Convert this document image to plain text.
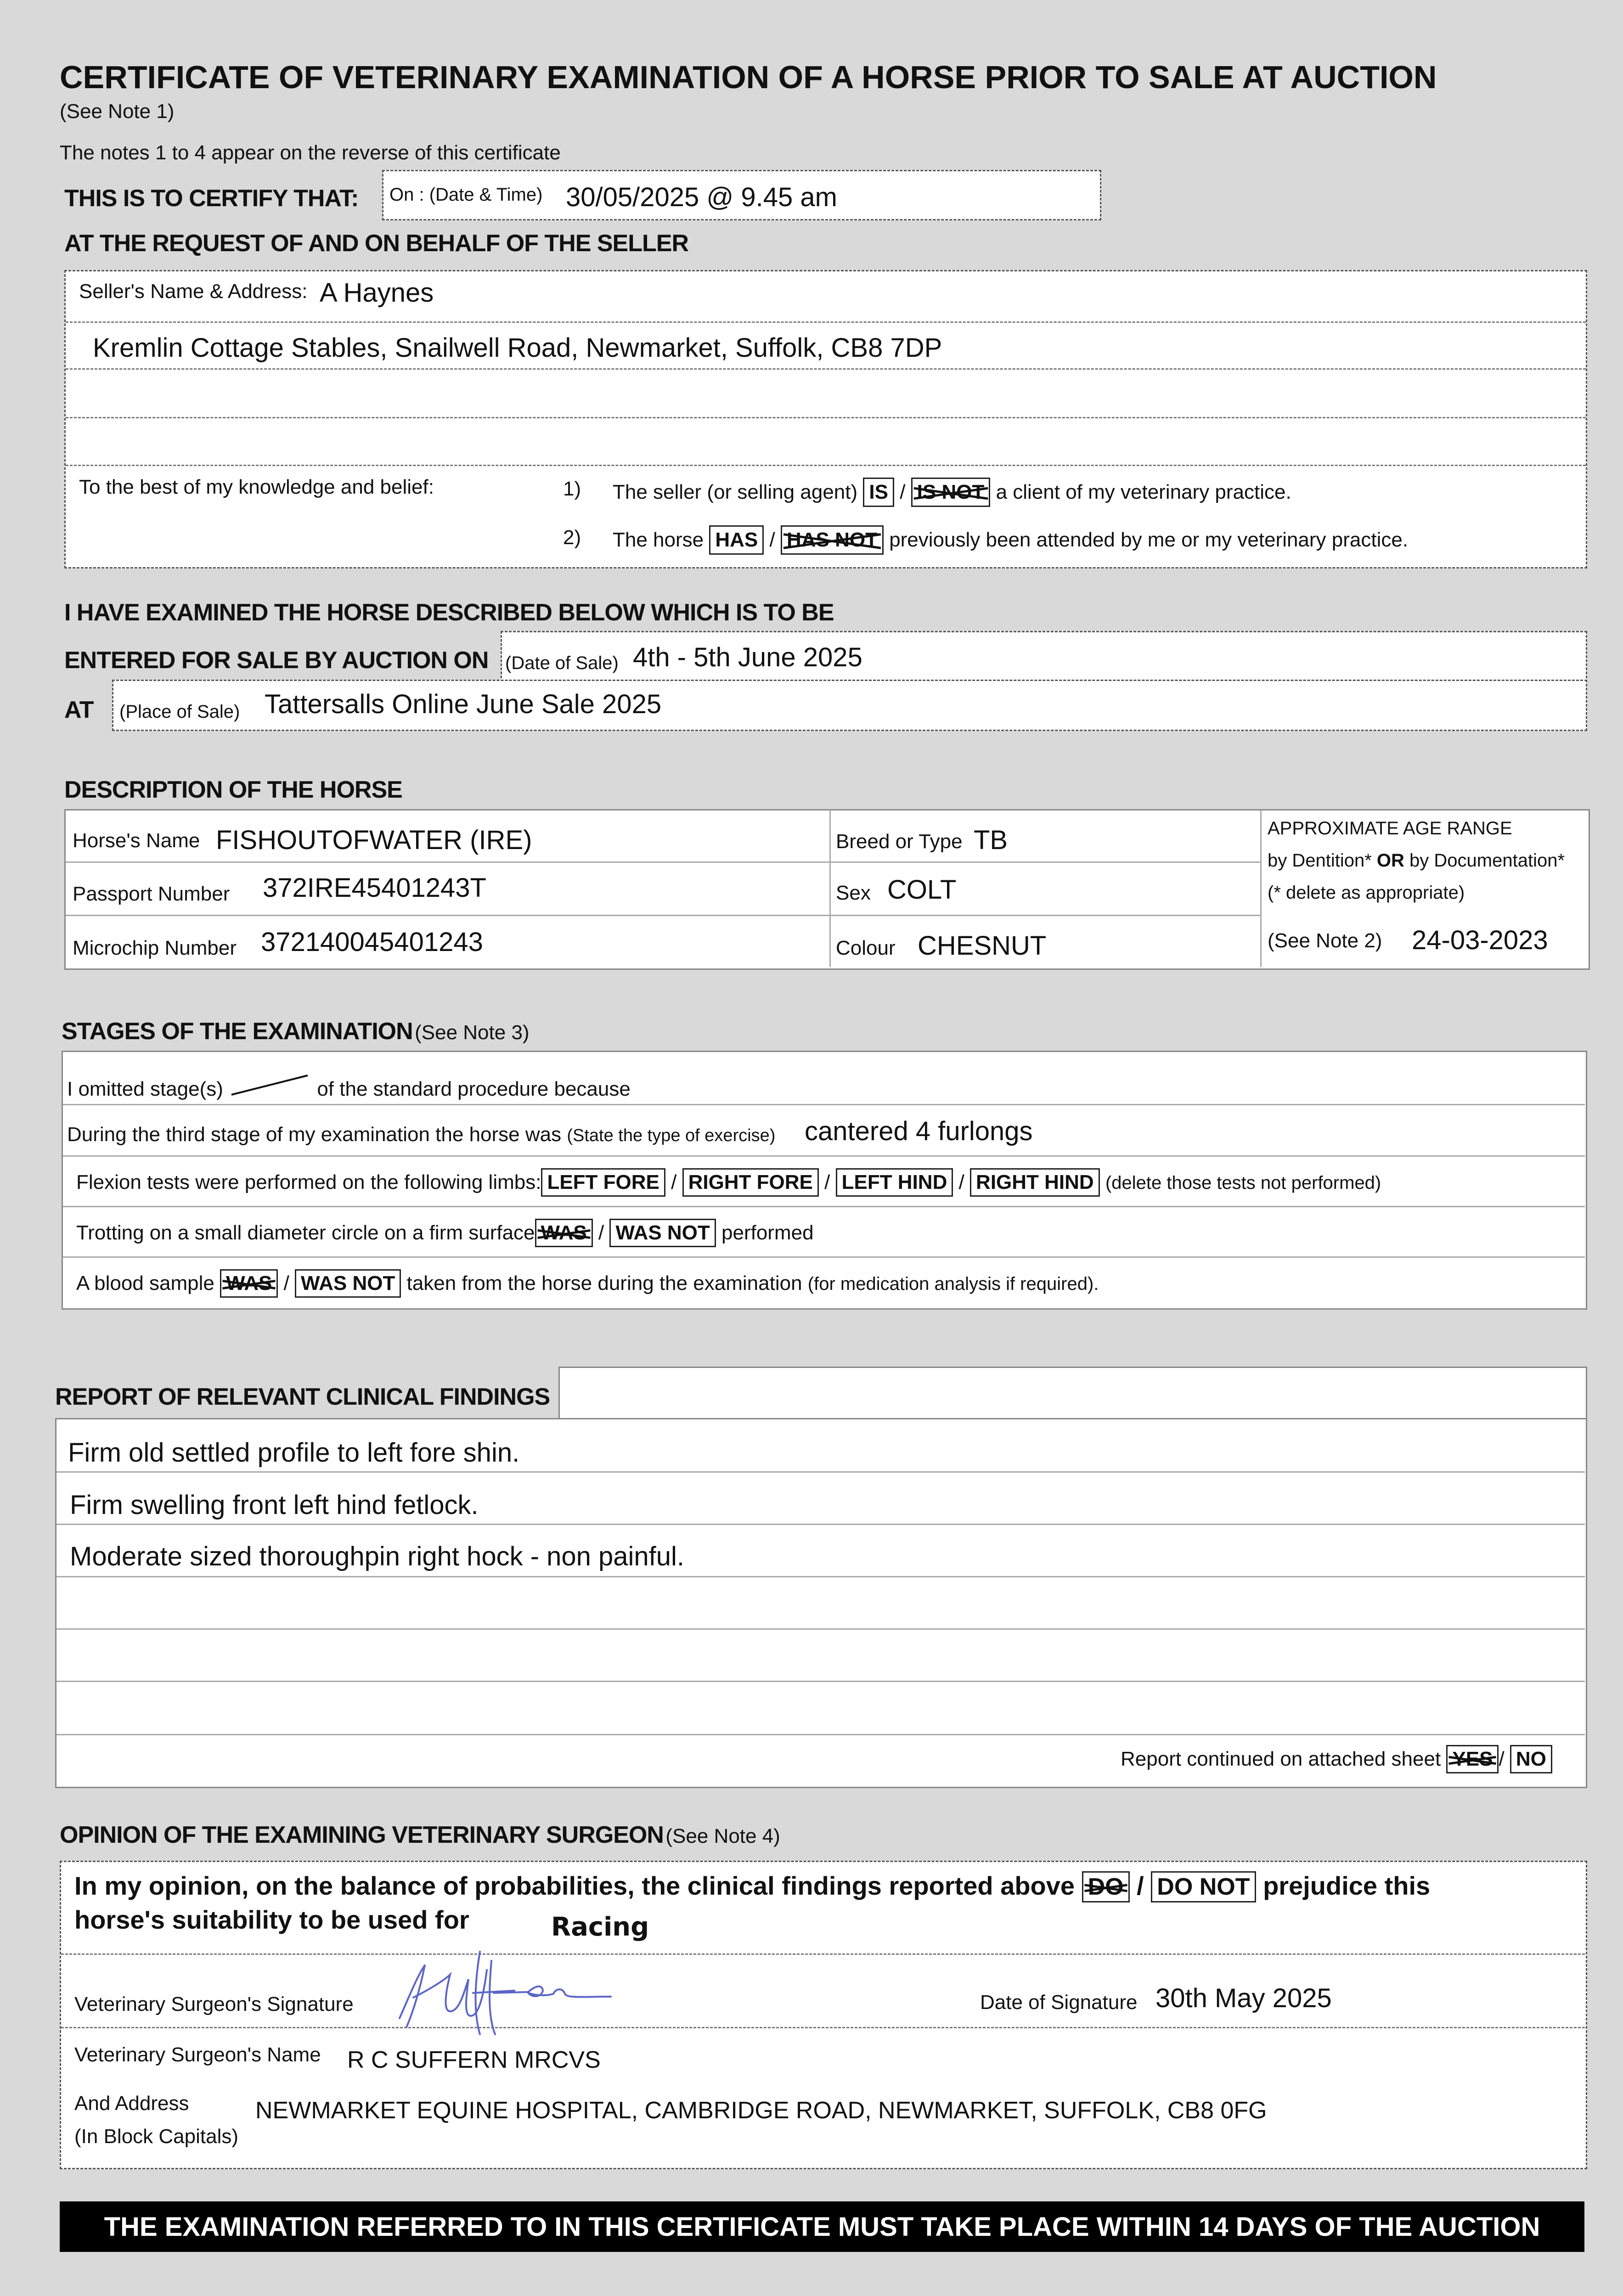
CERTIFICATE OF VETERINARY EXAMINATION OF A HORSE PRIOR TO SALE AT AUCTION
(See Note 1)
The notes 1 to 4 appear on the reverse of this certificate
THIS IS TO CERTIFY THAT: On : (Date & Time) 30/05/2025 @ 9.45 am
AT THE REQUEST OF AND ON BEHALF OF THE SELLER
Seller's Name & Address: A Haynes
Kremlin Cottage Stables, Snailwell Road, Newmarket, Suffolk, CB8 7DP
To the best of my knowledge and belief:	1) The seller (or selling agent) IS / IS NOT a client of my veterinary practice.
2) The horse HAS / HAS NOT previously been attended by me or my veterinary practice.
I HAVE EXAMINED THE HORSE DESCRIBED BELOW WHICH IS TO BE
ENTERED FOR SALE BY AUCTION ON (Date of Sale) 4th - 5th June 2025
AT (Place of Sale) Tattersalls Online June Sale 2025
DESCRIPTION OF THE HORSE
Horse's Name FISHOUTOFWATER (IRE)
Passport Number 372IRE45401243T
Microchip Number 372140045401243
Breed or Type TB
Sex COLT
Colour CHESNUT
APPROXIMATE AGE RANGE
by Dentition* OR by Documentation*
(* delete as appropriate)
(See Note 2) 24-03-2023
STAGES OF THE EXAMINATION (See Note 3)
I omitted stage(s)	of the standard procedure because
During the third stage of my examination the horse was (State the type of exercise) cantered 4 furlongs
Flexion tests were performed on the following limbs: LEFT FORE / RIGHT FORE / LEFT HIND / RIGHT HIND (delete those tests not performed)
Trotting on a small diameter circle on a firm surface WAS / WAS NOT performed
A blood sample WAS / WAS NOT taken from the horse during the examination (for medication analysis if required).
REPORT OF RELEVANT CLINICAL FINDINGS
Firm old settled profile to left fore shin.
Firm swelling front left hind fetlock.
Moderate sized thoroughpin right hock - non painful.
Report continued on attached sheet YES / NO
OPINION OF THE EXAMINING VETERINARY SURGEON (See Note 4)
In my opinion, on the balance of probabilities, the clinical findings reported above DO / DO NOT prejudice this
horse's suitability to be used for	Racing
Veterinary Surgeon's Signature	Date of Signature 30th May 2025
Veterinary Surgeon's Name R C SUFFERN MRCVS
And Address
(In Block Capitals)
NEWMARKET EQUINE HOSPITAL, CAMBRIDGE ROAD, NEWMARKET, SUFFOLK, CB8 0FG
THE EXAMINATION REFERRED TO IN THIS CERTIFICATE MUST TAKE PLACE WITHIN 14 DAYS OF THE AUCTION
